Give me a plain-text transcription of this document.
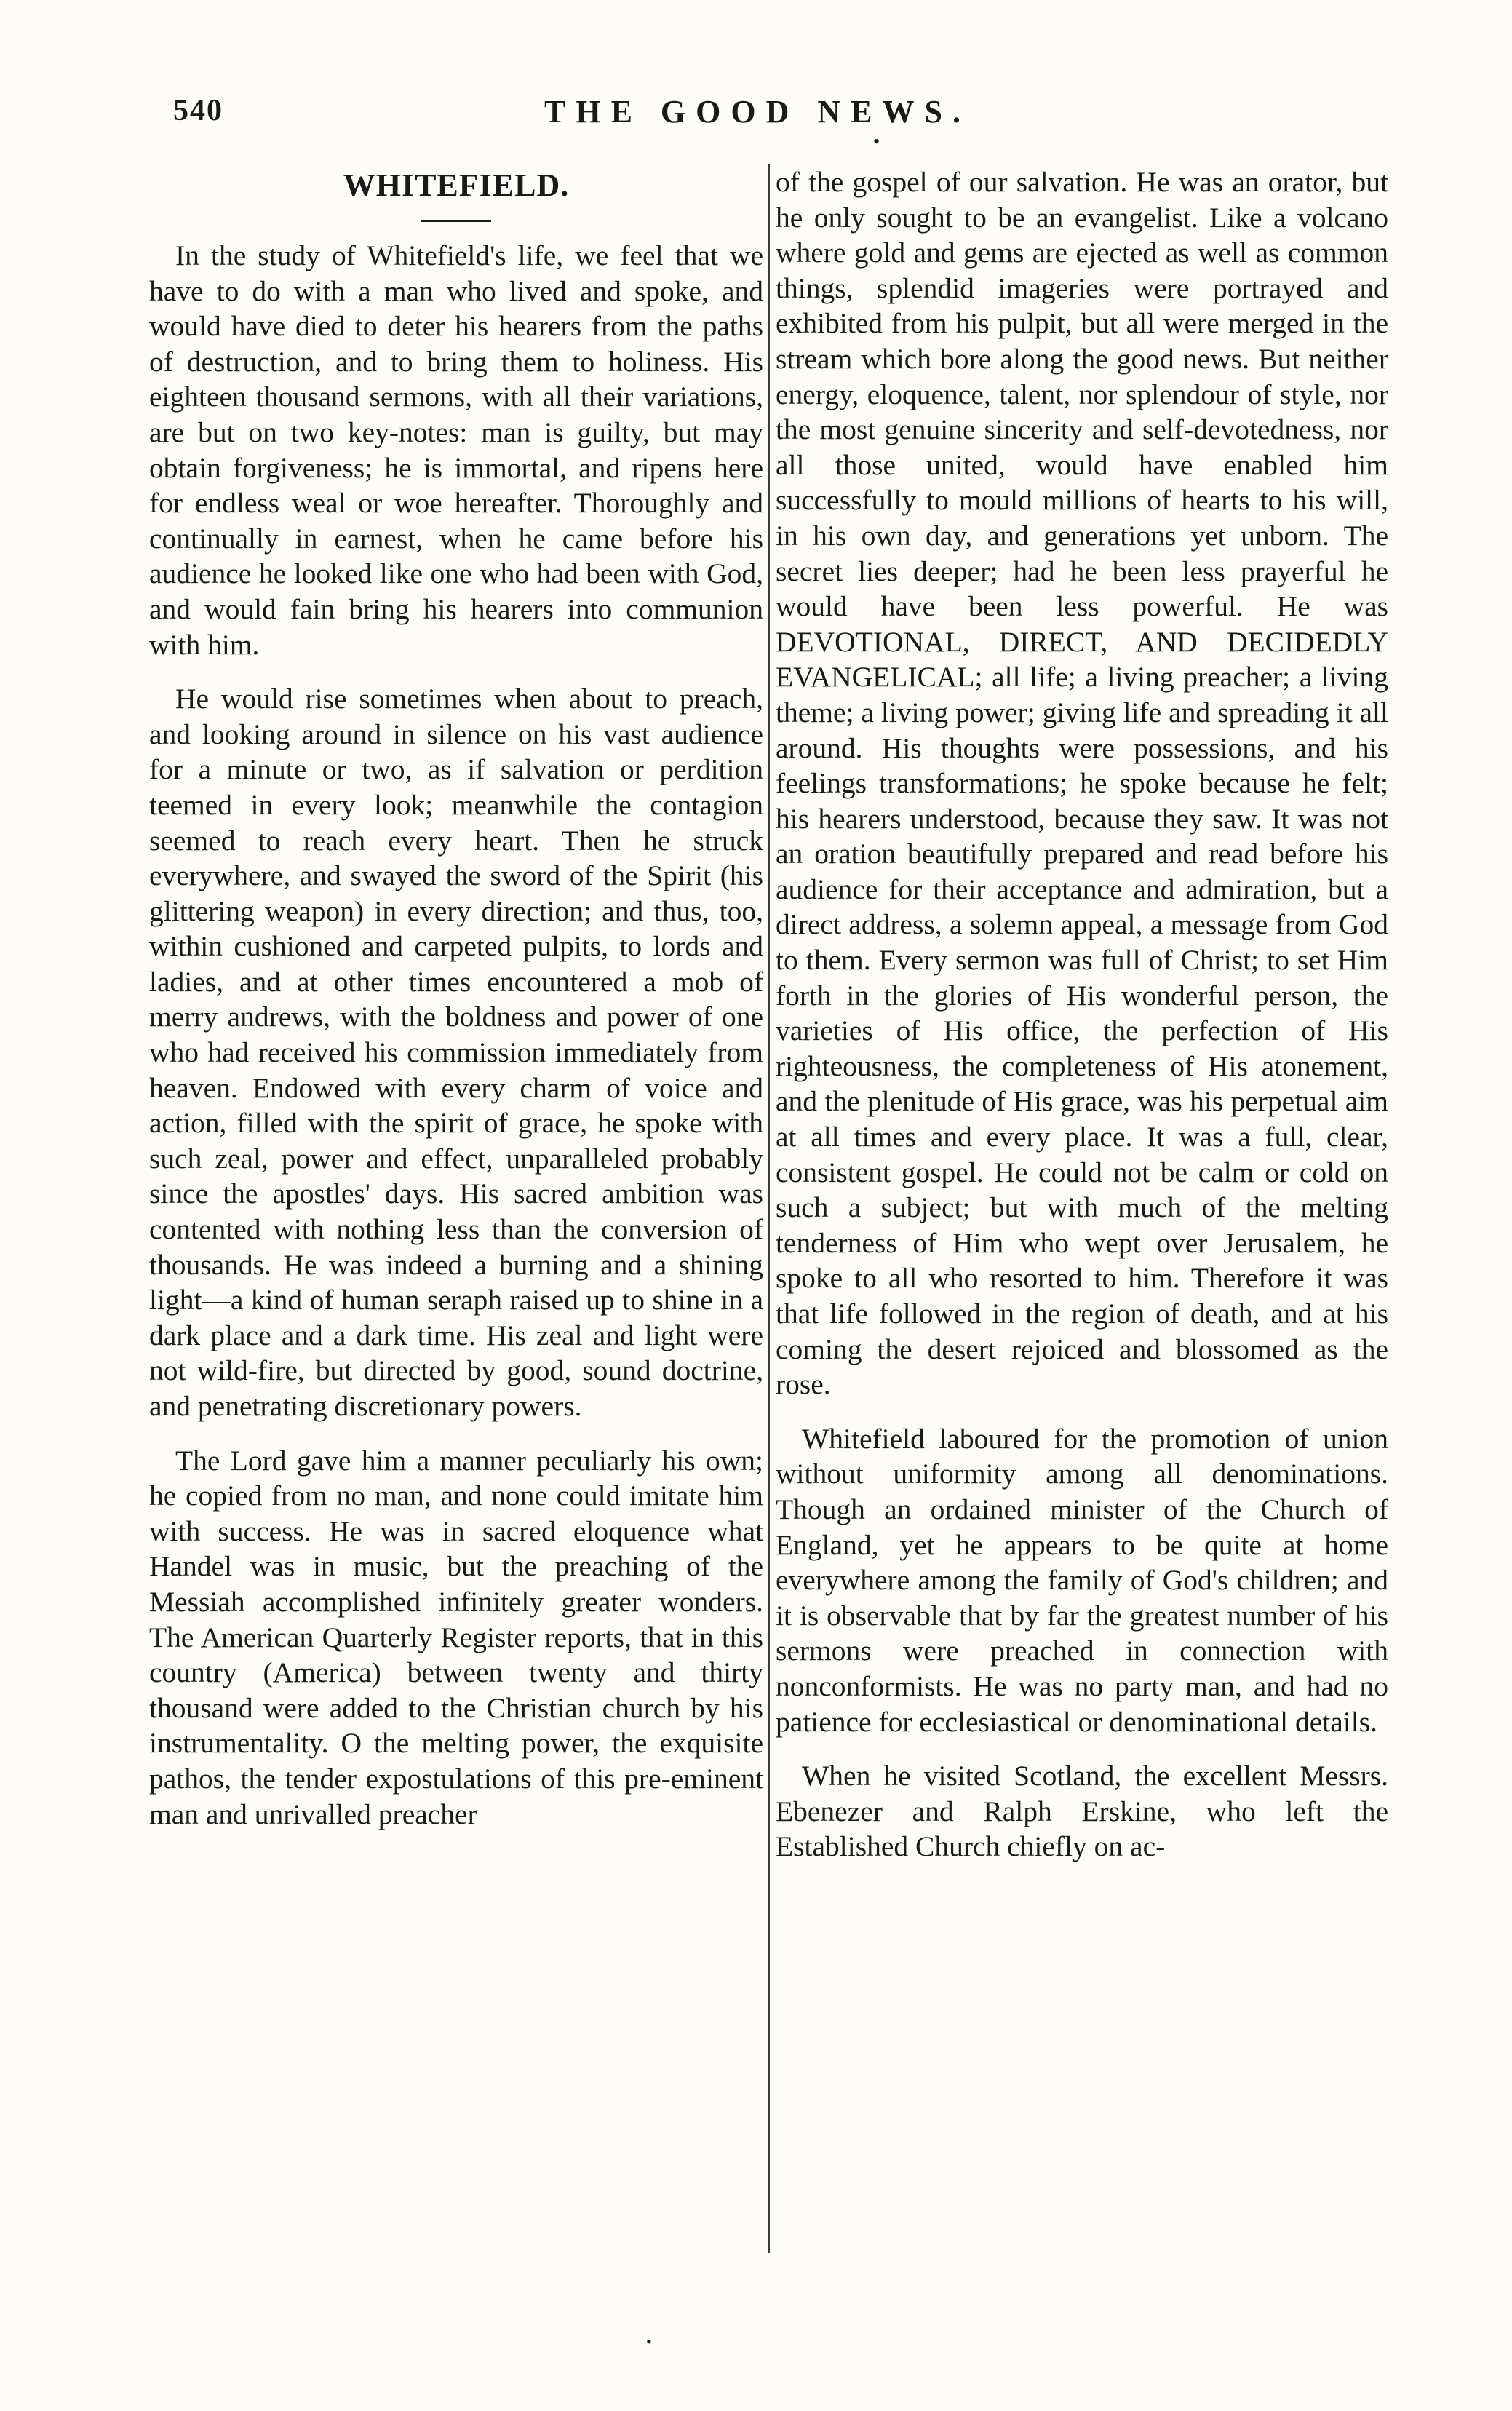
540	THE GOOD NEWS.
•
WHITEFIELD.

In the study of Whitefield's life, we feel that we have to do with a man who lived and spoke, and would have died to deter his hearers from the paths of destruction, and to bring them to holiness. His eighteen thousand sermons, with all their variations, are but on two key-notes: man is guilty, but may obtain forgiveness; he is immortal, and ripens here for endless weal or woe hereafter. Thoroughly and continually in earnest, when he came before his audience he looked like one who had been with God, and would fain bring his hearers into communion with him.

He would rise sometimes when about to preach, and looking around in silence on his vast audience for a minute or two, as if salvation or perdition teemed in every look; meanwhile the contagion seemed to reach every heart. Then he struck everywhere, and swayed the sword of the Spirit (his glittering weapon) in every direction; and thus, too, within cushioned and carpeted pulpits, to lords and ladies, and at other times encountered a mob of merry andrews, with the boldness and power of one who had received his commission immediately from heaven. Endowed with every charm of voice and action, filled with the spirit of grace, he spoke with such zeal, power and effect, unparalleled probably since the apostles' days. His sacred ambition was contented with nothing less than the conversion of thousands. He was indeed a burning and a shining light—a kind of human seraph raised up to shine in a dark place and a dark time. His zeal and light were not wild-fire, but directed by good, sound doctrine, and penetrating discretionary powers.

The Lord gave him a manner peculiarly his own; he copied from no man, and none could imitate him with success. He was in sacred eloquence what Handel was in music, but the preaching of the Messiah accomplished infinitely greater wonders. The American Quarterly Register reports, that in this country (America) between twenty and thirty thousand were added to the Christian church by his instrumentality. O the melting power, the exquisite pathos, the tender expostulations of this pre-eminent man and unrivalled preacher

of the gospel of our salvation. He was an orator, but he only sought to be an evangelist. Like a volcano where gold and gems are ejected as well as common things, splendid imageries were portrayed and exhibited from his pulpit, but all were merged in the stream which bore along the good news. But neither energy, eloquence, talent, nor splendour of style, nor the most genuine sincerity and self-devotedness, nor all those united, would have enabled him successfully to mould millions of hearts to his will, in his own day, and generations yet unborn. The secret lies deeper; had he been less prayerful he would have been less powerful. He was DEVOTIONAL, DIRECT, AND DECIDEDLY EVANGELICAL; all life; a living preacher; a living theme; a living power; giving life and spreading it all around. His thoughts were possessions, and his feelings transformations; he spoke because he felt; his hearers understood, because they saw. It was not an oration beautifully prepared and read before his audience for their acceptance and admiration, but a direct address, a solemn appeal, a message from God to them. Every sermon was full of Christ; to set Him forth in the glories of His wonderful person, the varieties of His office, the perfection of His righteousness, the completeness of His atonement, and the plenitude of His grace, was his perpetual aim at all times and every place. It was a full, clear, consistent gospel. He could not be calm or cold on such a subject; but with much of the melting tenderness of Him who wept over Jerusalem, he spoke to all who resorted to him. Therefore it was that life followed in the region of death, and at his coming the desert rejoiced and blossomed as the rose.

Whitefield laboured for the promotion of union without uniformity among all denominations. Though an ordained minister of the Church of England, yet he appears to be quite at home everywhere among the family of God's children; and it is observable that by far the greatest number of his sermons were preached in connection with nonconformists. He was no party man, and had no patience for ecclesiastical or denominational details.

When he visited Scotland, the excellent Messrs. Ebenezer and Ralph Erskine, who left the Established Church chiefly on ac-

•
